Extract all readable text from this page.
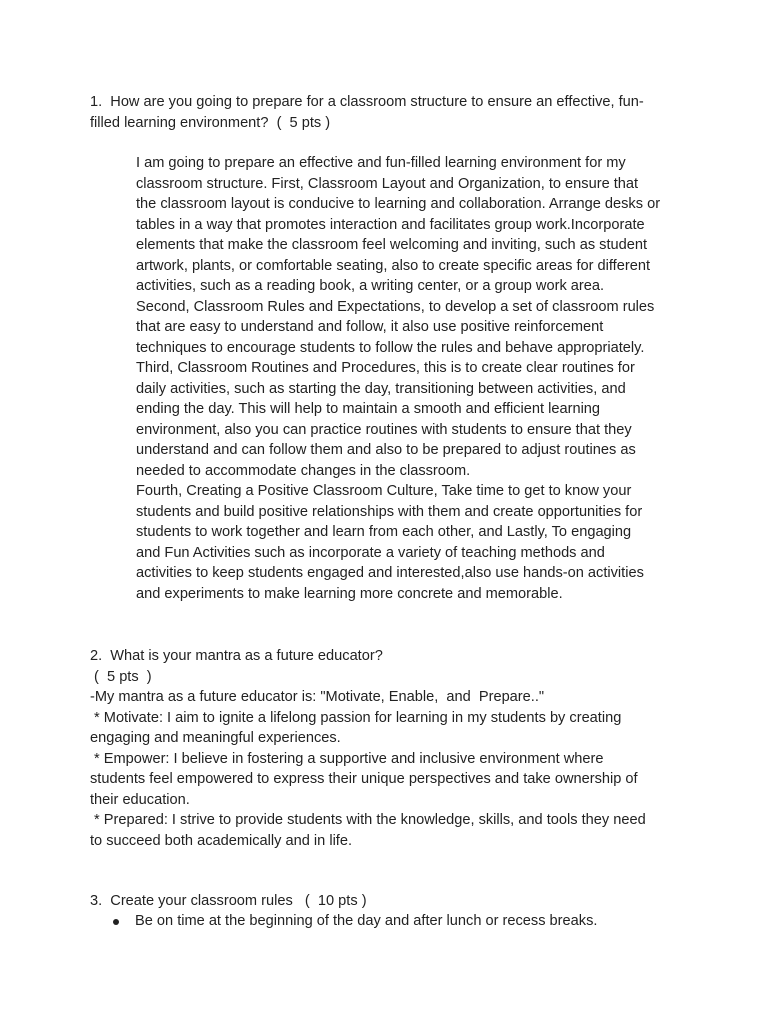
1.  How are you going to prepare for a classroom structure to ensure an effective, fun-
filled learning environment?  (  5 pts )
I am going to prepare an effective and fun-filled learning environment for my
classroom structure. First, Classroom Layout and Organization, to ensure that
the classroom layout is conducive to learning and collaboration. Arrange desks or
tables in a way that promotes interaction and facilitates group work.Incorporate
elements that make the classroom feel welcoming and inviting, such as student
artwork, plants, or comfortable seating, also to create specific areas for different
activities, such as a reading book, a writing center, or a group work area.
Second, Classroom Rules and Expectations, to develop a set of classroom rules
that are easy to understand and follow, it also use positive reinforcement
techniques to encourage students to follow the rules and behave appropriately.
Third, Classroom Routines and Procedures, this is to create clear routines for
daily activities, such as starting the day, transitioning between activities, and
ending the day. This will help to maintain a smooth and efficient learning
environment, also you can practice routines with students to ensure that they
understand and can follow them and also to be prepared to adjust routines as
needed to accommodate changes in the classroom.
Fourth, Creating a Positive Classroom Culture, Take time to get to know your
students and build positive relationships with them and create opportunities for
students to work together and learn from each other, and Lastly, To engaging
and Fun Activities such as incorporate a variety of teaching methods and
activities to keep students engaged and interested,also use hands-on activities
and experiments to make learning more concrete and memorable.
2.  What is your mantra as a future educator?
(  5 pts  )
-My mantra as a future educator is: "Motivate, Enable,  and  Prepare.."
* Motivate: I aim to ignite a lifelong passion for learning in my students by creating
engaging and meaningful experiences.
* Empower: I believe in fostering a supportive and inclusive environment where
students feel empowered to express their unique perspectives and take ownership of
their education.
* Prepared: I strive to provide students with the knowledge, skills, and tools they need
to succeed both academically and in life.
3.  Create your classroom rules   (  10 pts )
Be on time at the beginning of the day and after lunch or recess breaks.
